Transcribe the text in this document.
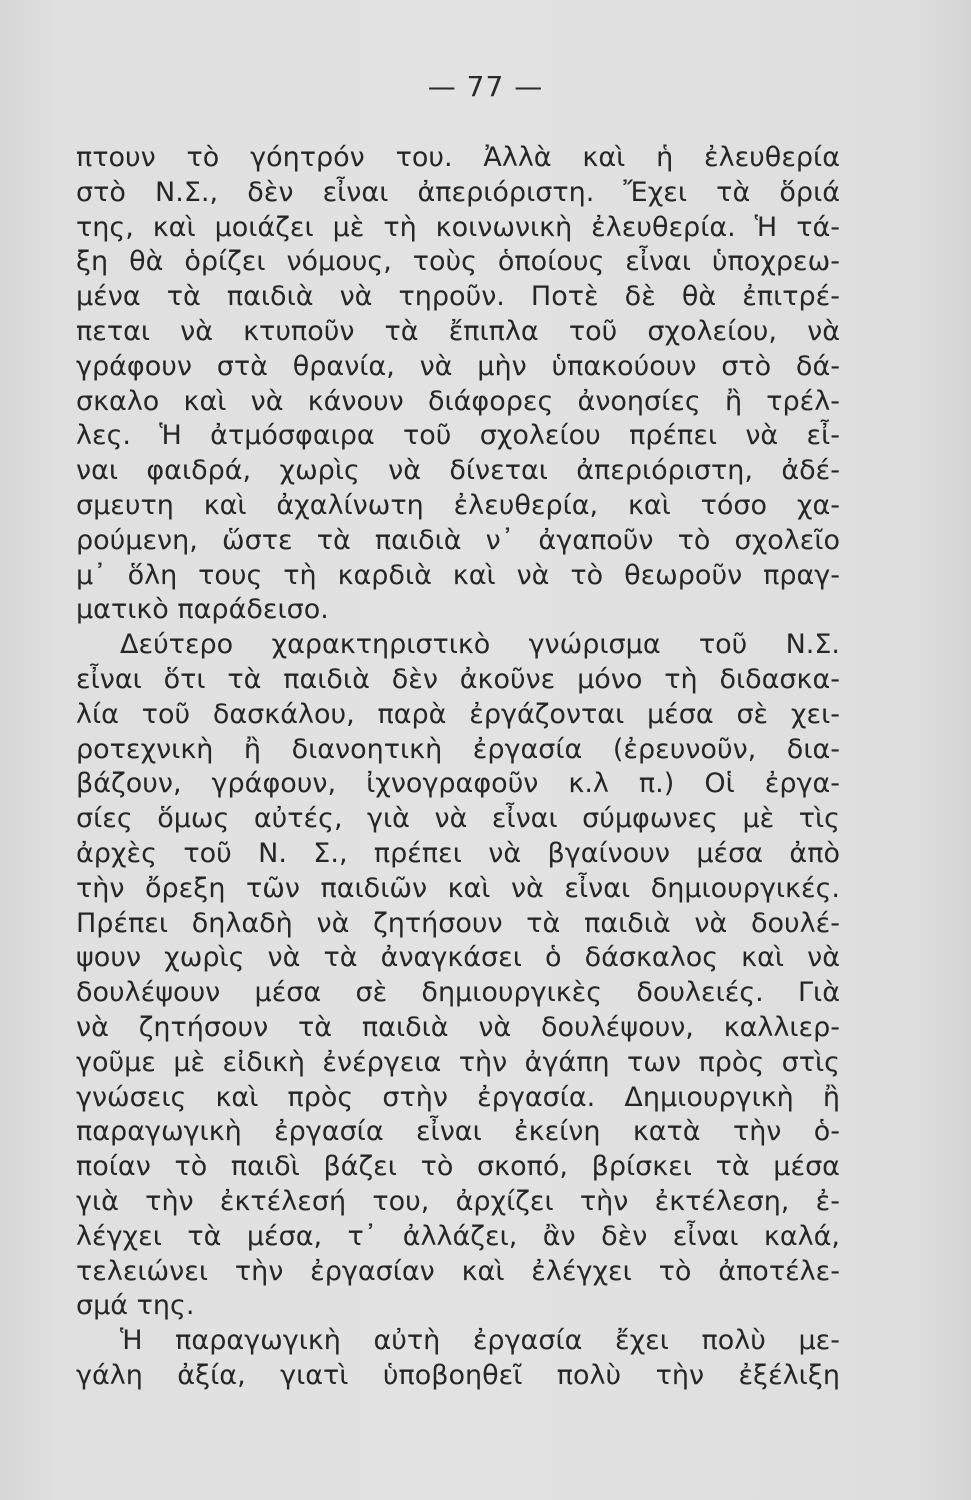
— 77 —
πτουν τὸ γόητρόν του. Ἀλλὰ καὶ ἡ ἐλευθερία
στὸ Ν.Σ., δὲν εἶναι ἀπεριόριστη. Ἔχει τὰ ὅριά
της, καὶ μοιάζει μὲ τὴ κοινωνικὴ ἐλευθερία. Ἡ τά-
ξη θὰ ὁρίζει νόμους, τοὺς ὁποίους εἶναι ὑποχρεω-
μένα τὰ παιδιὰ νὰ τηροῦν. Ποτὲ δὲ θὰ ἐπιτρέ-
πεται νὰ κτυποῦν τὰ ἔπιπλα τοῦ σχολείου, νὰ
γράφουν στὰ θρανία, νὰ μὴν ὑπακούουν στὸ δά-
σκαλο καὶ νὰ κάνουν διάφορες ἀνοησίες ἢ τρέλ-
λες. Ἡ ἀτμόσφαιρα τοῦ σχολείου πρέπει νὰ εἶ-
ναι φαιδρά, χωρὶς νὰ δίνεται ἀπεριόριστη, ἀδέ-
σμευτη καὶ ἀχαλίνωτη ἐλευθερία, καὶ τόσο χα-
ρούμενη, ὥστε τὰ παιδιὰ ν᾽ ἀγαποῦν τὸ σχολεῖο
μ᾽ ὅλη τους τὴ καρδιὰ καὶ νὰ τὸ θεωροῦν πραγ-
ματικὸ παράδεισο.
Δεύτερο χαρακτηριστικὸ γνώρισμα τοῦ Ν.Σ.
εἶναι ὅτι τὰ παιδιὰ δὲν ἀκοῦνε μόνο τὴ διδασκα-
λία τοῦ δασκάλου, παρὰ ἐργάζονται μέσα σὲ χει-
ροτεχνικὴ ἢ διανοητικὴ ἐργασία (ἐρευνοῦν, δια-
βάζουν, γράφουν, ἰχνογραφοῦν κ.λ π.) Οἱ ἐργα-
σίες ὅμως αὐτές, γιὰ νὰ εἶναι σύμφωνες μὲ τὶς
ἀρχὲς τοῦ Ν. Σ., πρέπει νὰ βγαίνουν μέσα ἀπὸ
τὴν ὄρεξη τῶν παιδιῶν καὶ νὰ εἶναι δημιουργικές.
Πρέπει δηλαδὴ νὰ ζητήσουν τὰ παιδιὰ νὰ δουλέ-
ψουν χωρὶς νὰ τὰ ἀναγκάσει ὁ δάσκαλος καὶ νὰ
δουλέψουν μέσα σὲ δημιουργικὲς δουλειές. Γιὰ
νὰ ζητήσουν τὰ παιδιὰ νὰ δουλέψουν, καλλιερ-
γοῦμε μὲ εἰδικὴ ἐνέργεια τὴν ἀγάπη των πρὸς στὶς
γνώσεις καὶ πρὸς στὴν ἐργασία. Δημιουργικὴ ἢ
παραγωγικὴ ἐργασία εἶναι ἐκείνη κατὰ τὴν ὁ-
ποίαν τὸ παιδὶ βάζει τὸ σκοπό, βρίσκει τὰ μέσα
γιὰ τὴν ἐκτέλεσή του, ἀρχίζει τὴν ἐκτέλεση, ἐ-
λέγχει τὰ μέσα, τ᾽ ἀλλάζει, ἂν δὲν εἶναι καλά,
τελειώνει τὴν ἐργασίαν καὶ ἐλέγχει τὸ ἀποτέλε-
σμά της.
Ἡ παραγωγικὴ αὐτὴ ἐργασία ἔχει πολὺ με-
γάλη ἀξία, γιατὶ ὑποβοηθεῖ πολὺ τὴν ἐξέλιξη
